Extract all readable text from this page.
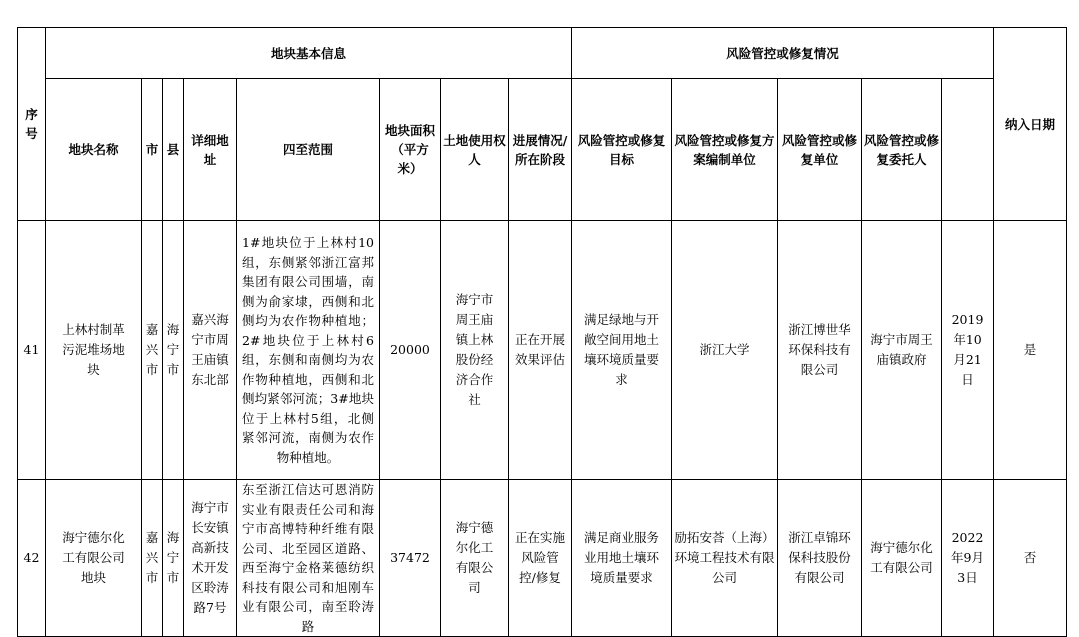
序号	地块基本信息								风险管控或修复情况					纳入日期	
	地块名称	市	县	详细地址	四至范围	地块面积（平方米）	土地使用权人	进展情况/所在阶段	风险管控或修复目标	风险管控或修复方案编制单位	风险管控或修复单位	风险管控或修复委托人			
41	上林村制革污泥堆场地块	嘉兴市	海宁市	嘉兴海宁市周王庙镇东北部	1#地块位于上林村10组，东侧紧邻浙江富邦集团有限公司围墙，南侧为俞家埭，西侧和北侧均为农作物种植地；2#地块位于上林村6组，东侧和南侧均为农作物种植地，西侧和北侧均紧邻河流；3#地块位于上林村5组，北侧紧邻河流，南侧为农作物种植地。	20000	海宁市周王庙镇上林股份经济合作社	正在开展效果评估	满足绿地与开敞空间用地土壤环境质量要求	浙江大学	浙江博世华环保科技有限公司	海宁市周王庙镇政府	2019年10月21日	是	
42	海宁德尔化工有限公司地块	嘉兴市	海宁市	海宁市长安镇高新技术开发区聆涛路7号	东至浙江信达可恩消防实业有限责任公司和海宁市高博特种纤维有限公司、北至园区道路、西至海宁金格莱德纺织科技有限公司和旭刚车业有限公司，南至聆涛路	37472	海宁德尔化工有限公司	正在实施风险管控/修复	满足商业服务业用地土壤环境质量要求	励拓安荅（上海）环境工程技术有限公司	浙江卓锦环保科技股份有限公司	海宁德尔化工有限公司	2022年9月3日	否	
